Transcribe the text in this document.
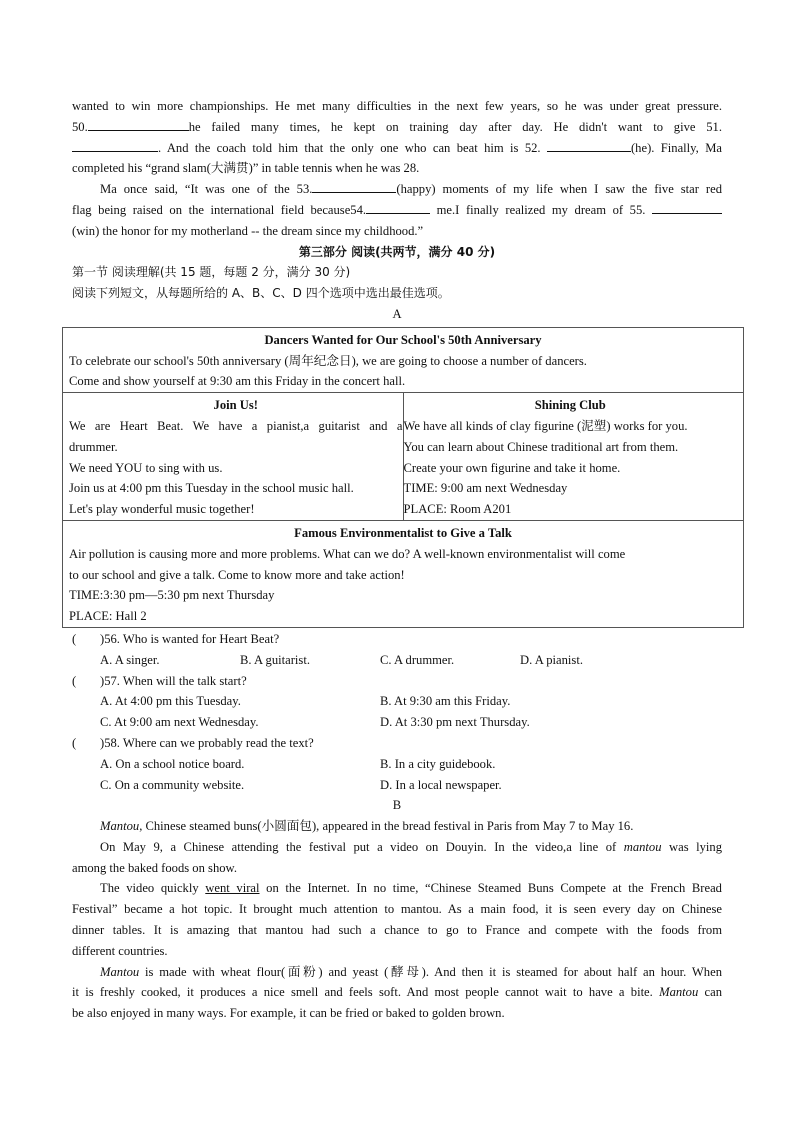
wanted to win more championships. He met many difficulties in the next few years, so he was under great pressure.
50.	he failed many times, he kept on training day after day. He didn't want to give 51.
. And the coach told him that the only one who can beat him is 52.	(he). Finally, Ma
completed his “grand slam(大满贯)” in table tennis when he was 28.
Ma once said, “It was one of the 53.	(happy) moments of my life when I saw the five star red
flag being raised on the international field because54.	me.I finally realized my dream of 55.
(win) the honor for my motherland -- the dream since my childhood.”
第三部分 阅读(共两节，满分 40 分)
第一节 阅读理解(共 15 题，每题 2 分，满分 30 分)
阅读下列短文，从每题所给的 A、B、C、D 四个选项中选出最佳选项。
A
Dancers Wanted for Our School's 50th Anniversary
To celebrate our school's 50th anniversary (周年纪念日), we are going to choose a number of dancers.
Come and show yourself at 9:30 am this Friday in the concert hall.

Join Us!
We are Heart Beat. We have a pianist,a guitarist and a
drummer.
We need YOU to sing with us.
Join us at 4:00 pm this Tuesday in the school music hall.
Let's play wonderful music together!

Shining Club
We have all kinds of clay figurine (泥塑) works for you.
You can learn about Chinese traditional art from them.
Create your own figurine and take it home.
TIME: 9:00 am next Wednesday
PLACE: Room A201

Famous Environmentalist to Give a Talk
Air pollution is causing more and more problems. What can we do? A well-known environmentalist will come
to our school and give a talk. Come to know more and take action!
TIME:3:30 pm—5:30 pm next Thursday
PLACE: Hall 2
(	)56. Who is wanted for Heart Beat?
A. A singer.	B. A guitarist.	C. A drummer.	D. A pianist.
(	)57. When will the talk start?
A. At 4:00 pm this Tuesday.	B. At 9:30 am this Friday.
C. At 9:00 am next Wednesday.	D. At 3:30 pm next Thursday.
(	)58. Where can we probably read the text?
A. On a school notice board.	B. In a city guidebook.
C. On a community website.	D. In a local newspaper.
B
Mantou, Chinese steamed buns(小圆面包), appeared in the bread festival in Paris from May 7 to May 16.
On May 9, a Chinese attending the festival put a video on Douyin. In the video,a line of mantou was lying
among the baked foods on show.
The video quickly went viral on the Internet. In no time, “Chinese Steamed Buns Compete at the French Bread
Festival” became a hot topic. It brought much attention to mantou. As a main food, it is seen every day on Chinese
dinner tables. It is amazing that mantou had such a chance to go to France and compete with the foods from
different countries.
Mantou is made with wheat flour(面粉) and yeast (酵母). And then it is steamed for about half an hour. When
it is freshly cooked, it produces a nice smell and feels soft. And most people cannot wait to have a bite. Mantou can
be also enjoyed in many ways. For example, it can be fried or baked to golden brown.
